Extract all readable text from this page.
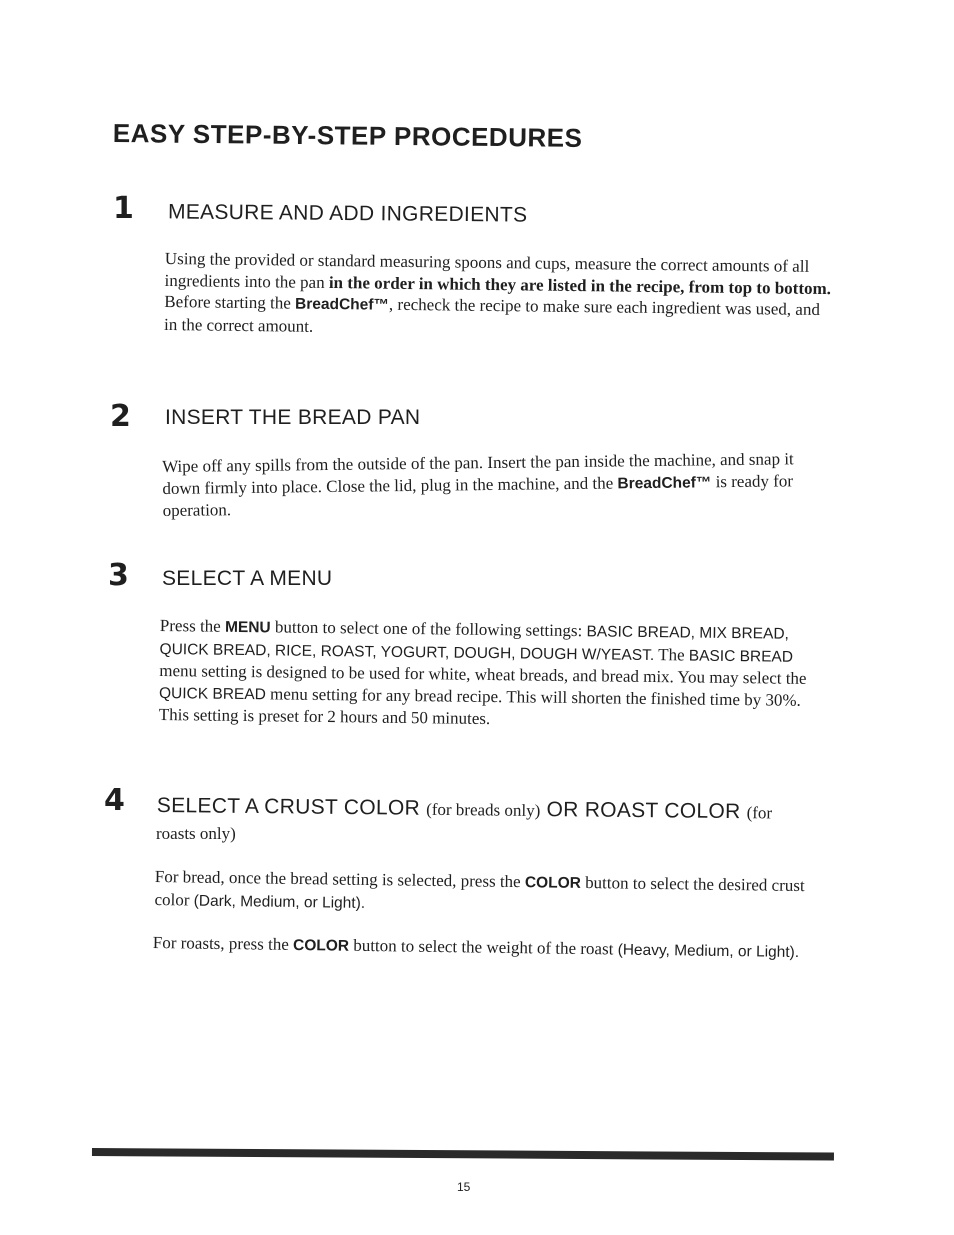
EASY STEP-BY-STEP PROCEDURES
1 MEASURE AND ADD INGREDIENTS

Using the provided or standard measuring spoons and cups, measure the correct amounts of all ingredients into the pan in the order in which they are listed in the recipe, from top to bottom. Before starting the BreadChef™, recheck the recipe to make sure each ingredient was used, and in the correct amount.

2 INSERT THE BREAD PAN

Wipe off any spills from the outside of the pan. Insert the pan inside the machine, and snap it down firmly into place. Close the lid, plug in the machine, and the BreadChef™ is ready for operation.

3 SELECT A MENU

Press the MENU button to select one of the following settings: BASIC BREAD, MIX BREAD, QUICK BREAD, RICE, ROAST, YOGURT, DOUGH, DOUGH W/YEAST. The BASIC BREAD menu setting is designed to be used for white, wheat breads, and bread mix. You may select the QUICK BREAD menu setting for any bread recipe. This will shorten the finished time by 30%. This setting is preset for 2 hours and 50 minutes.

4 SELECT A CRUST COLOR (for breads only) OR ROAST COLOR (for
roasts only)

For bread, once the bread setting is selected, press the COLOR button to select the desired crust color (Dark, Medium, or Light).

For roasts, press the COLOR button to select the weight of the roast (Heavy, Medium, or Light).

15
